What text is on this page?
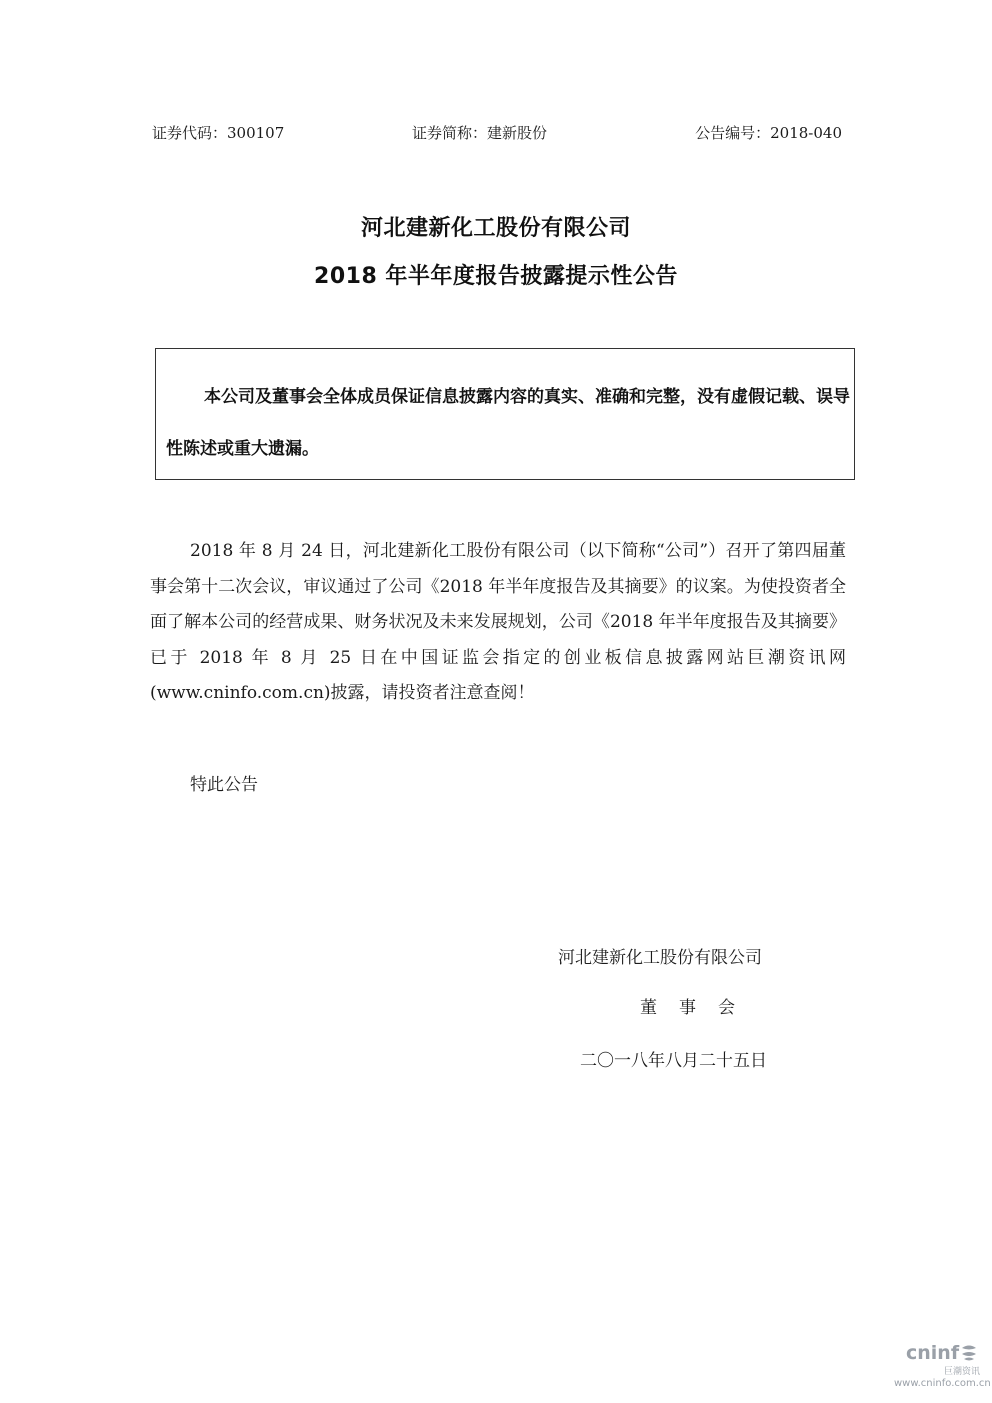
证券代码：300107	证券简称：建新股份	公告编号：2018-040
河北建新化工股份有限公司
2018 年半年度报告披露提示性公告
本公司及董事会全体成员保证信息披露内容的真实、准确和完整，没有虚假记载、误导性陈述或重大遗漏。
2018 年 8 月 24 日，河北建新化工股份有限公司（以下简称“公司”）召开了第四届董事会第十二次会议，审议通过了公司《2018 年半年度报告及其摘要》的议案。为使投资者全面了解本公司的经营成果、财务状况及未来发展规划，公司《2018 年半年度报告及其摘要》已于 2018 年 8 月 25 日在中国证监会指定的创业板信息披露网站巨潮资讯网(www.cninfo.com.cn)披露，请投资者注意查阅！
特此公告
河北建新化工股份有限公司
董事会
二〇一八年八月二十五日
cninf
巨潮资讯
www.cninfo.com.cn
